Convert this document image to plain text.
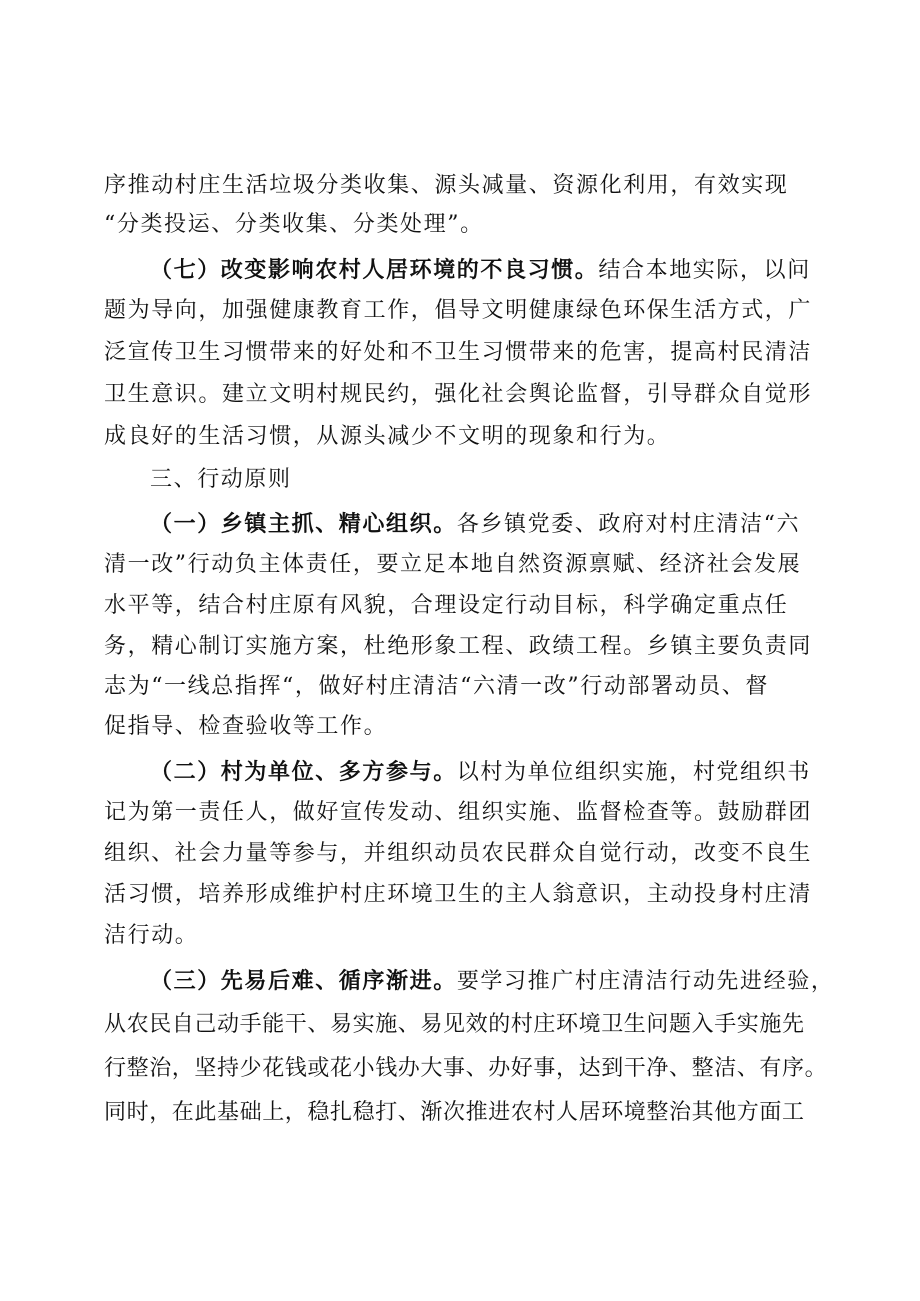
序推动村庄生活垃圾分类收集、源头减量、资源化利用，有效实现
“分类投运、分类收集、分类处理”。
（七）改变影响农村人居环境的不良习惯。结合本地实际，以问
题为导向，加强健康教育工作，倡导文明健康绿色环保生活方式，广
泛宣传卫生习惯带来的好处和不卫生习惯带来的危害，提高村民清洁
卫生意识。建立文明村规民约，强化社会舆论监督，引导群众自觉形
成良好的生活习惯，从源头减少不文明的现象和行为。
三、行动原则
（一）乡镇主抓、精心组织。各乡镇党委、政府对村庄清洁“六
清一改”行动负主体责任，要立足本地自然资源禀赋、经济社会发展
水平等，结合村庄原有风貌，合理设定行动目标，科学确定重点任
务，精心制订实施方案，杜绝形象工程、政绩工程。乡镇主要负责同
志为“一线总指挥“，做好村庄清洁“六清一改”行动部署动员、督
促指导、检查验收等工作。
（二）村为单位、多方参与。以村为单位组织实施，村党组织书
记为第一责任人，做好宣传发动、组织实施、监督检查等。鼓励群团
组织、社会力量等参与，并组织动员农民群众自觉行动，改变不良生
活习惯，培养形成维护村庄环境卫生的主人翁意识，主动投身村庄清
洁行动。
（三）先易后难、循序渐进。要学习推广村庄清洁行动先进经验，
从农民自己动手能干、易实施、易见效的村庄环境卫生问题入手实施先
行整治，坚持少花钱或花小钱办大事、办好事，达到干净、整洁、有序。
同时，在此基础上，稳扎稳打、渐次推进农村人居环境整治其他方面工
